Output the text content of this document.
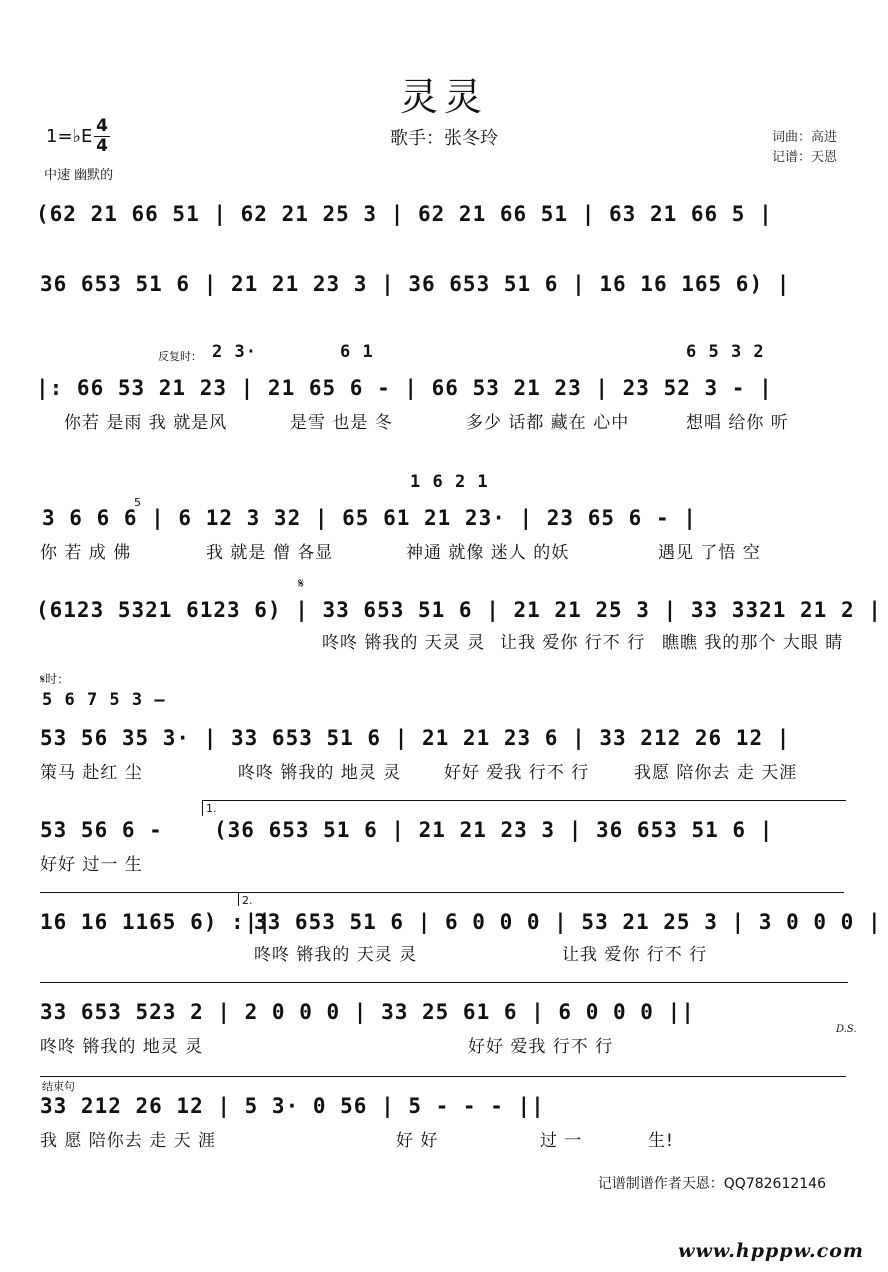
灵灵
歌手：张冬玲	词曲：高进
记谱：天恩
1=♭E 4
4
中速 幽默的
(62 21 66 51 | 62 21 25 3 | 62 21 66 51 | 63 21 66 5 |
36 653 51 6 | 21 21 23 3 | 36 653 51 6 | 16 16 165 6) |
反复时： 2 3·	6 1	6 5 3 2
|: 66 53 21 23 | 21 65 6 - | 66 53 21 23 | 23 52 3 - |
你若 是雨 我 就是风	是雪 也是 冬	多少 话都 藏在 心中	想唱 给你 听
1 6 2 1
5
3 6 6 6 | 6 12 3 32 | 65 61 21 23· | 23 65 6 - |
你 若 成 佛	我 就是 僧 各显	神通 就像 迷人 的妖	遇见 了悟 空
𝄋
(6123 5321 6123 6) | 33 653 51 6 | 21 21 25 3 | 33 3321 21 2 |
咚咚 锵我的 天灵 灵 让我 爱你 行不 行 瞧瞧 我的那个 大眼 睛
𝄋时：
5 6 7 5 3 –
53 56 35 3· | 33 653 51 6 | 21 21 23 6 | 33 212 26 12 |
策马 赴红 尘	咚咚 锵我的 地灵 灵	好好 爱我 行不 行	我愿 陪你去 走 天涯
1.
53 56 6 - (36 653 51 6 | 21 21 23 3 | 36 653 51 6 |
好好 过一 生
2.
16 16 1165 6) :||
33 653 51 6 | 6 0 0 0 | 53 21 25 3 | 3 0 0 0 |
咚咚 锵我的 天灵 灵	让我 爱你 行不 行
33 653 523 2 | 2 0 0 0 | 33 25 61 6 | 6 0 0 0 ||
D.S.
咚咚 锵我的 地灵 灵	好好 爱我 行不 行
结束句
33 212 26 12 | 5 3· 0 56 | 5 - - - ||
我 愿 陪你去 走 天 涯	好 好	过 一	生!
记谱制谱作者天恩：QQ782612146
www.hpppw.com
